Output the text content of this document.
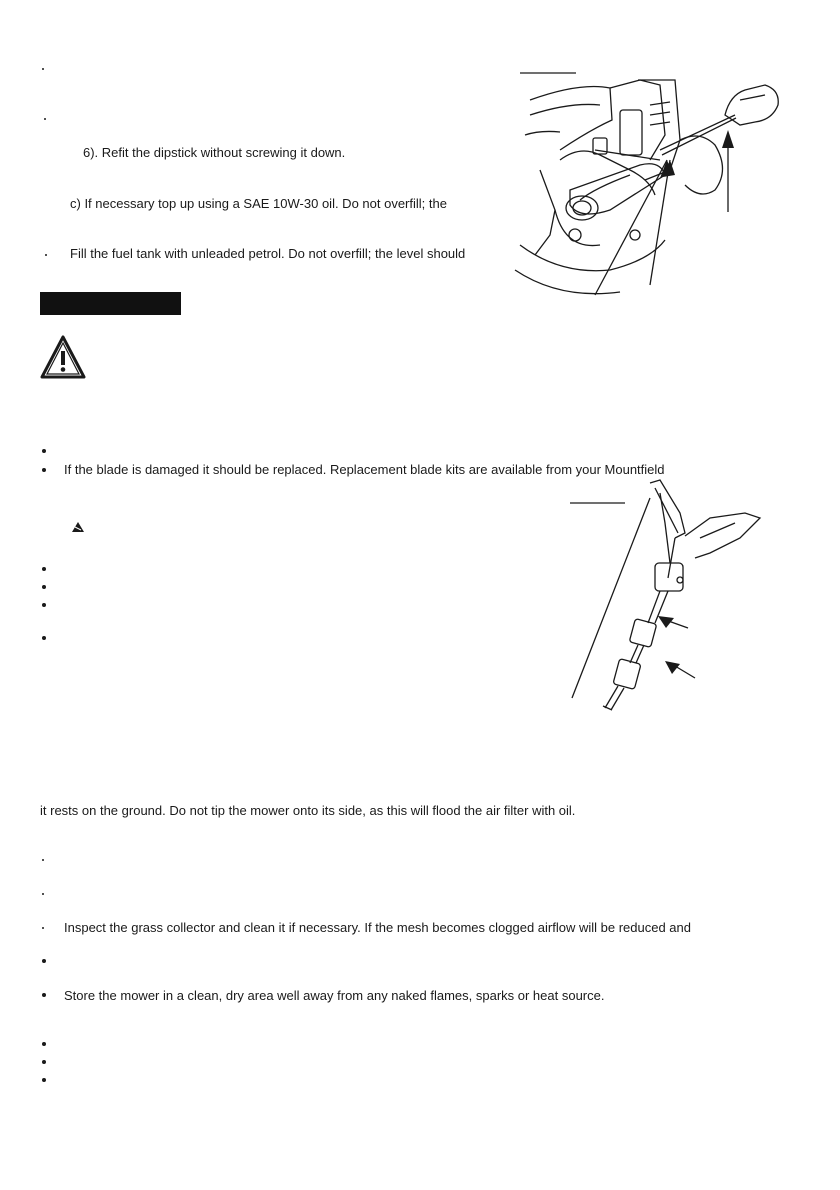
6). Refit the dipstick without screwing it down.
c) If necessary top up using a SAE 10W-30 oil. Do not overfill; the
Fill the fuel tank with unleaded petrol. Do not overfill; the level should
If the blade is damaged it should be replaced. Replacement blade kits are available from your Mountfield
it rests on the ground. Do not tip the mower onto its side, as this will flood the air filter with oil.
Inspect the grass collector and clean it if necessary. If the mesh becomes clogged airflow will be reduced and
Store the mower in a clean, dry area well away from any naked flames, sparks or heat source.
